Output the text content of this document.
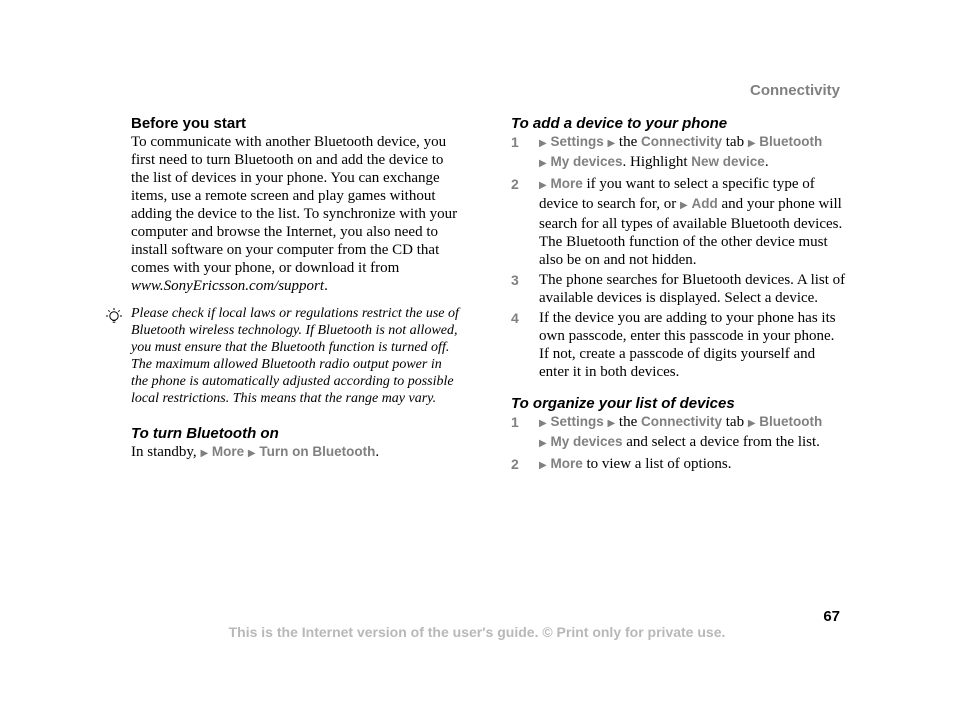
Connectivity

Before you start

To communicate with another Bluetooth device, you first need to turn Bluetooth on and add the device to the list of devices in your phone. You can exchange items, use a remote screen and play games without adding the device to the list. To synchronize with your computer and browse the Internet, you also need to install software on your computer from the CD that comes with your phone, or download it from www.SonyEricsson.com/support.

Please check if local laws or regulations restrict the use of Bluetooth wireless technology. If Bluetooth is not allowed, you must ensure that the Bluetooth function is turned off. The maximum allowed Bluetooth radio output power in the phone is automatically adjusted according to possible local restrictions. This means that the range may vary.

To turn Bluetooth on

In standby, ▶ More ▶ Turn on Bluetooth.

To add a device to your phone

1 ▶ Settings ▶ the Connectivity tab ▶ Bluetooth
▶ My devices. Highlight New device.
2 ▶ More if you want to select a specific type of device to search for, or ▶ Add and your phone will search for all types of available Bluetooth devices. The Bluetooth function of the other device must also be on and not hidden.
3 The phone searches for Bluetooth devices. A list of available devices is displayed. Select a device.
4 If the device you are adding to your phone has its own passcode, enter this passcode in your phone. If not, create a passcode of digits yourself and enter it in both devices.

To organize your list of devices

1 ▶ Settings ▶ the Connectivity tab ▶ Bluetooth
▶ My devices and select a device from the list.
2 ▶ More to view a list of options.
67
This is the Internet version of the user's guide. © Print only for private use.
